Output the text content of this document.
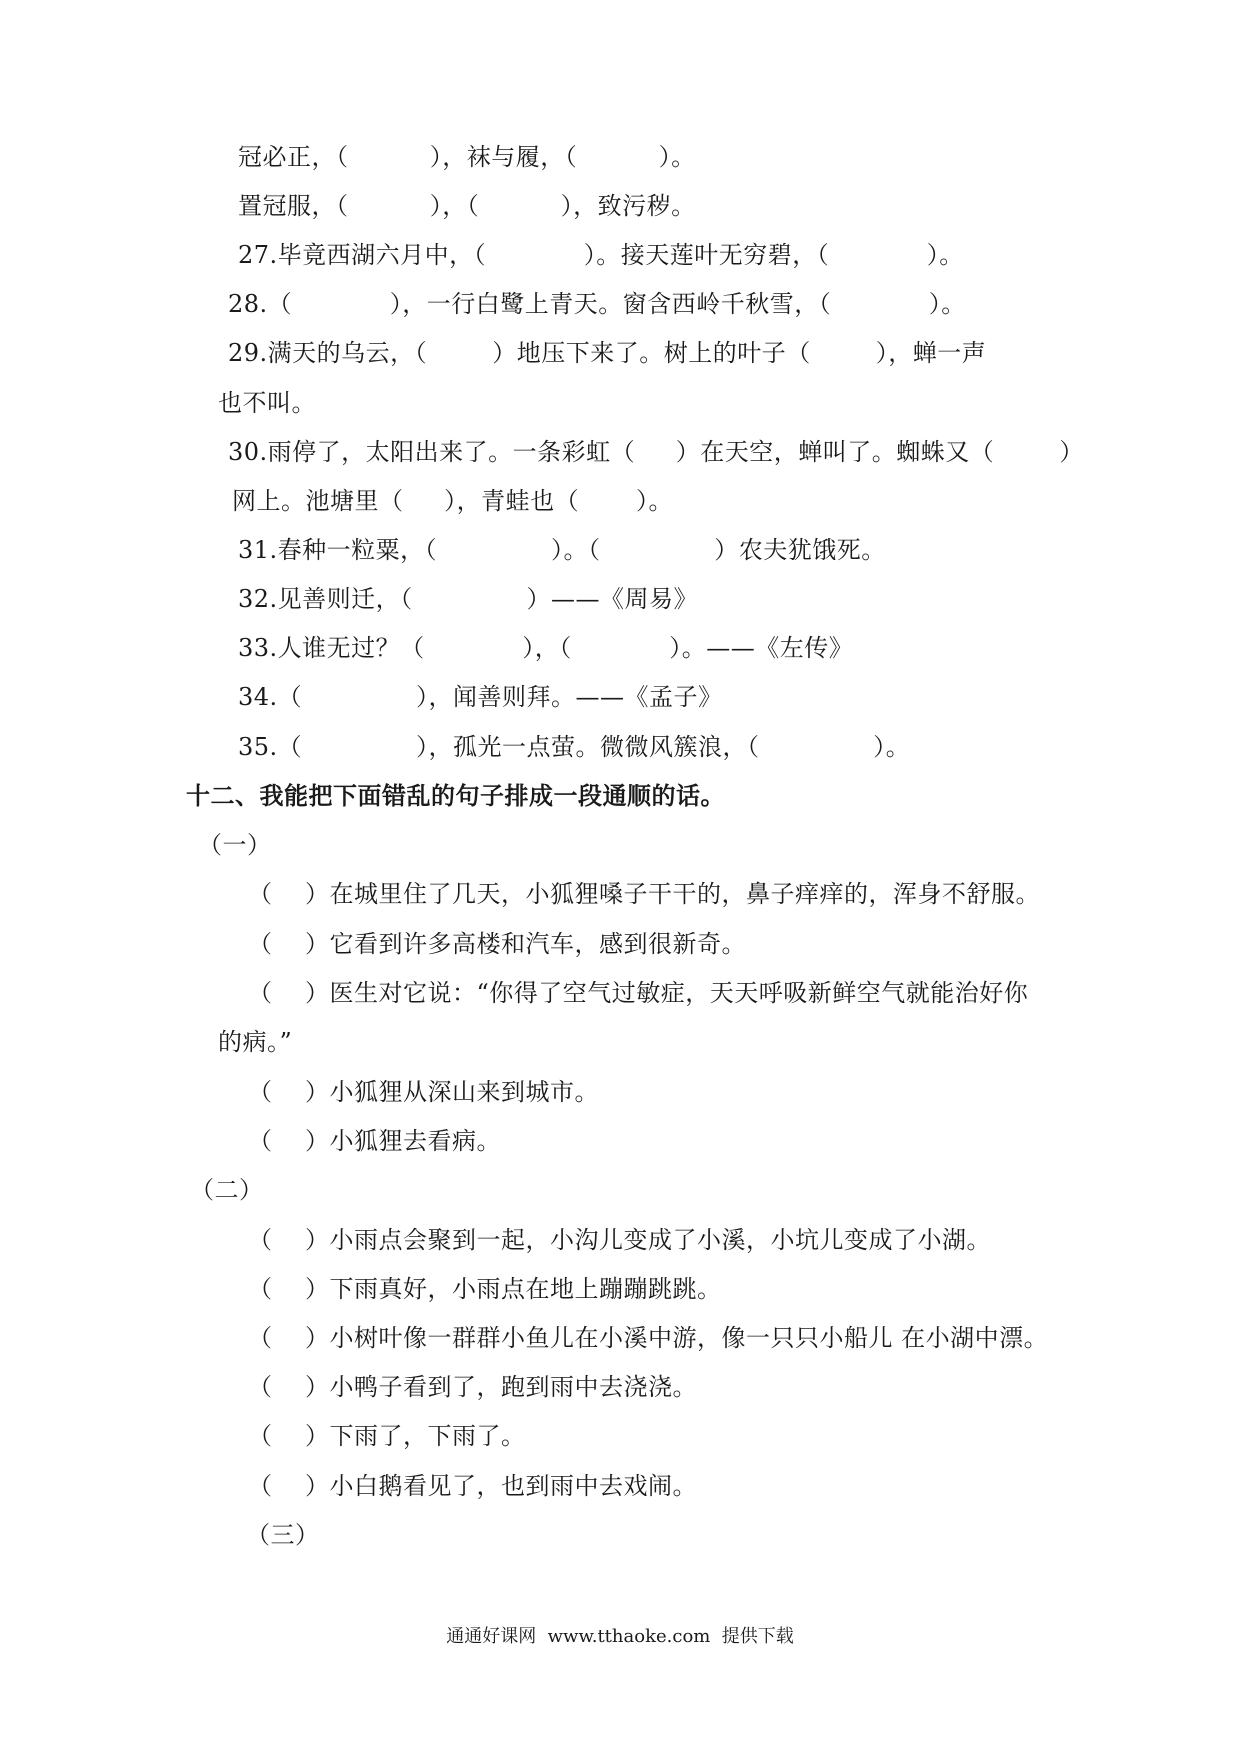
冠必正，（          ），袜与履，（          ）。
置冠服，（          ），（          ），致污秽。
27.毕竟西湖六月中，（            ）。接天莲叶无穷碧，（            ）。
28.（            ），一行白鹭上青天。窗含西岭千秋雪，（            ）。
29.满天的乌云，（        ）地压下来了。树上的叶子（        ），蝉一声
也不叫。
30.雨停了，太阳出来了。一条彩虹（     ）在天空，蝉叫了。蜘蛛又（        ）
网上。池塘里（     ），青蛙也（       ）。
31.春种一粒粟，（              ）。（              ）农夫犹饿死。
32.见善则迁，（              ）——《周易》
33.人谁无过？（            ），（            ）。——《左传》
34.（              ），闻善则拜。——《孟子》
35.（              ），孤光一点萤。微微风簇浪，（              ）。
十二、我能把下面错乱的句子排成一段通顺的话。
（一）
（    ）在城里住了几天，小狐狸嗓子干干的，鼻子痒痒的，浑身不舒服。
（    ）它看到许多高楼和汽车，感到很新奇。
（    ）医生对它说：“你得了空气过敏症，天天呼吸新鲜空气就能治好你
的病。”
（    ）小狐狸从深山来到城市。
（    ）小狐狸去看病。
（二）
（    ）小雨点会聚到一起，小沟儿变成了小溪，小坑儿变成了小湖。
（    ）下雨真好，小雨点在地上蹦蹦跳跳。
（    ）小树叶像一群群小鱼儿在小溪中游，像一只只小船儿 在小湖中漂。
（    ）小鸭子看到了，跑到雨中去浇浇。
（    ）下雨了，下雨了。
（    ）小白鹅看见了，也到雨中去戏闹。
（三）
通通好课网  www.tthaoke.com  提供下载
